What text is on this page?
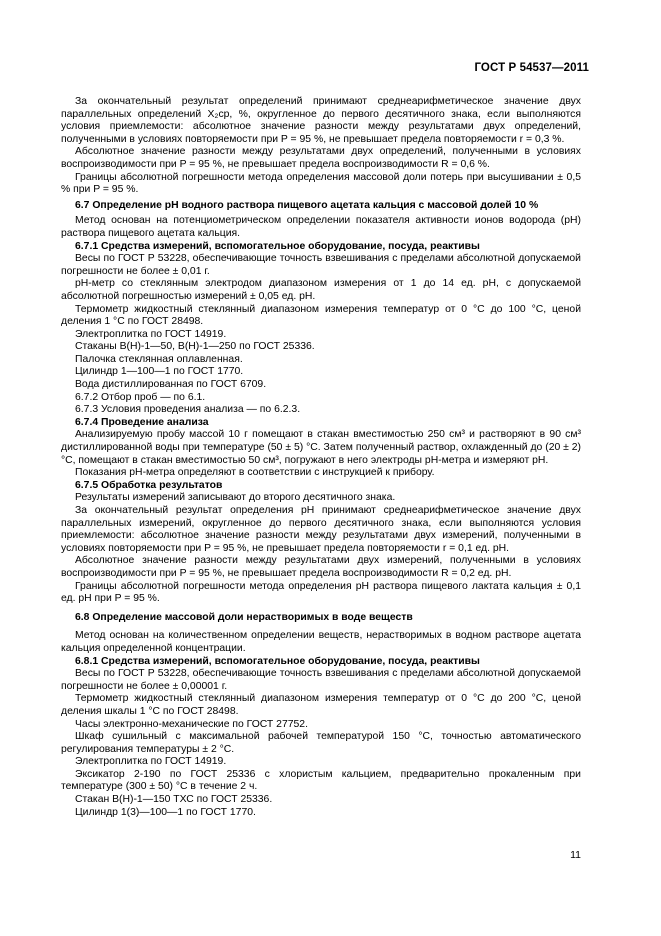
ГОСТ Р 54537—2011

За окончательный результат определений принимают среднеарифметическое значение двух параллельных определений X₂ср, %, округленное до первого десятичного знака, если выполняются условия приемлемости: абсолютное значение разности между результатами двух определений, полученными в условиях повторяемости при P = 95 %, не превышает предела повторяемости r = 0,3 %.

Абсолютное значение разности между результатами двух определений, полученными в условиях воспроизводимости при P = 95 %, не превышает предела воспроизводимости R = 0,6 %.

Границы абсолютной погрешности метода определения массовой доли потерь при высушивании ± 0,5 % при P = 95 %.

6.7 Определение pH водного раствора пищевого ацетата кальция с массовой долей 10 %

Метод основан на потенциометрическом определении показателя активности ионов водорода (pH) раствора пищевого ацетата кальция.

6.7.1 Средства измерений, вспомогательное оборудование, посуда, реактивы

Весы по ГОСТ Р 53228, обеспечивающие точность взвешивания с пределами абсолютной допускаемой погрешности не более ± 0,01 г.

pH-метр со стеклянным электродом диапазоном измерения от 1 до 14 ед. pH, с допускаемой абсолютной погрешностью измерений ± 0,05 ед. pH.

Термометр жидкостный стеклянный диапазоном измерения температур от 0 °C до 100 °C, ценой деления 1 °C по ГОСТ 28498.

Электроплитка по ГОСТ 14919.

Стаканы В(Н)-1—50, В(Н)-1—250 по ГОСТ 25336.

Палочка стеклянная оплавленная.

Цилиндр 1—100—1 по ГОСТ 1770.

Вода дистиллированная по ГОСТ 6709.

6.7.2 Отбор проб — по 6.1.

6.7.3 Условия проведения анализа — по 6.2.3.

6.7.4 Проведение анализа

Анализируемую пробу массой 10 г помещают в стакан вместимостью 250 см³ и растворяют в 90 см³ дистиллированной воды при температуре (50 ± 5) °C. Затем полученный раствор, охлажденный до (20 ± 2) °C, помещают в стакан вместимостью 50 см³, погружают в него электроды pH-метра и измеряют pH.

Показания pH-метра определяют в соответствии с инструкцией к прибору.

6.7.5 Обработка результатов

Результаты измерений записывают до второго десятичного знака.

За окончательный результат определения pH принимают среднеарифметическое значение двух параллельных измерений, округленное до первого десятичного знака, если выполняются условия приемлемости: абсолютное значение разности между результатами двух измерений, полученными в условиях повторяемости при P = 95 %, не превышает предела повторяемости r = 0,1 ед. pH.

Абсолютное значение разности между результатами двух измерений, полученными в условиях воспроизводимости при P = 95 %, не превышает предела воспроизводимости R = 0,2 ед. pH.

Границы абсолютной погрешности метода определения pH раствора пищевого лактата кальция ± 0,1 ед. pH при P = 95 %.

6.8 Определение массовой доли нерастворимых в воде веществ

Метод основан на количественном определении веществ, нерастворимых в водном растворе ацетата кальция определенной концентрации.

6.8.1 Средства измерений, вспомогательное оборудование, посуда, реактивы

Весы по ГОСТ Р 53228, обеспечивающие точность взвешивания с пределами абсолютной допускаемой погрешности не более ± 0,00001 г.

Термометр жидкостный стеклянный диапазоном измерения температур от 0 °C до 200 °C, ценой деления шкалы 1 °C по ГОСТ 28498.

Часы электронно-механические по ГОСТ 27752.

Шкаф сушильный с максимальной рабочей температурой 150 °C, точностью автоматического регулирования температуры ± 2 °C.

Электроплитка по ГОСТ 14919.

Эксикатор 2-190 по ГОСТ 25336 с хлористым кальцием, предварительно прокаленным при температуре (300 ± 50) °C в течение 2 ч.

Стакан В(Н)-1—150 ТХС по ГОСТ 25336.

Цилиндр 1(3)—100—1 по ГОСТ 1770.

11
